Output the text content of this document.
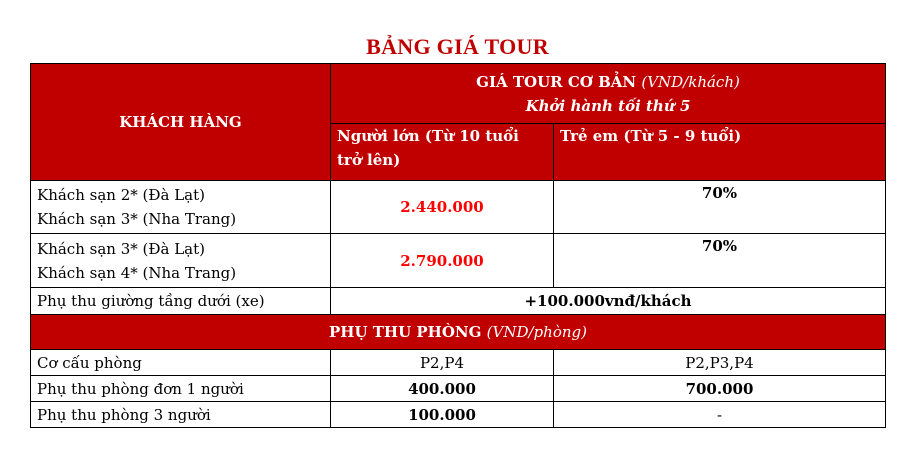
BẢNG GIÁ TOUR
KHÁCH HÀNG	GIÁ TOUR CƠ BẢN (VND/khách)
Khởi hành tối thứ 5	

	Người lớn (Từ 10 tuổi
trở lên)	Trẻ em (Từ 5 - 9 tuổi)

Khách sạn 2* (Đà Lạt)
Khách sạn 3* (Nha Trang)	2.440.000	70%

Khách sạn 3* (Đà Lạt)
Khách sạn 4* (Nha Trang)	2.790.000	70%
Phụ thu giường tầng dưới (xe)	+100.000vnđ/khách	
PHỤ THU PHÒNG (VND/phòng)		
Cơ cấu phòng	P2,P4	P2,P3,P4
Phụ thu phòng đơn 1 người	400.000	700.000
Phụ thu phòng 3 người	100.000	-
